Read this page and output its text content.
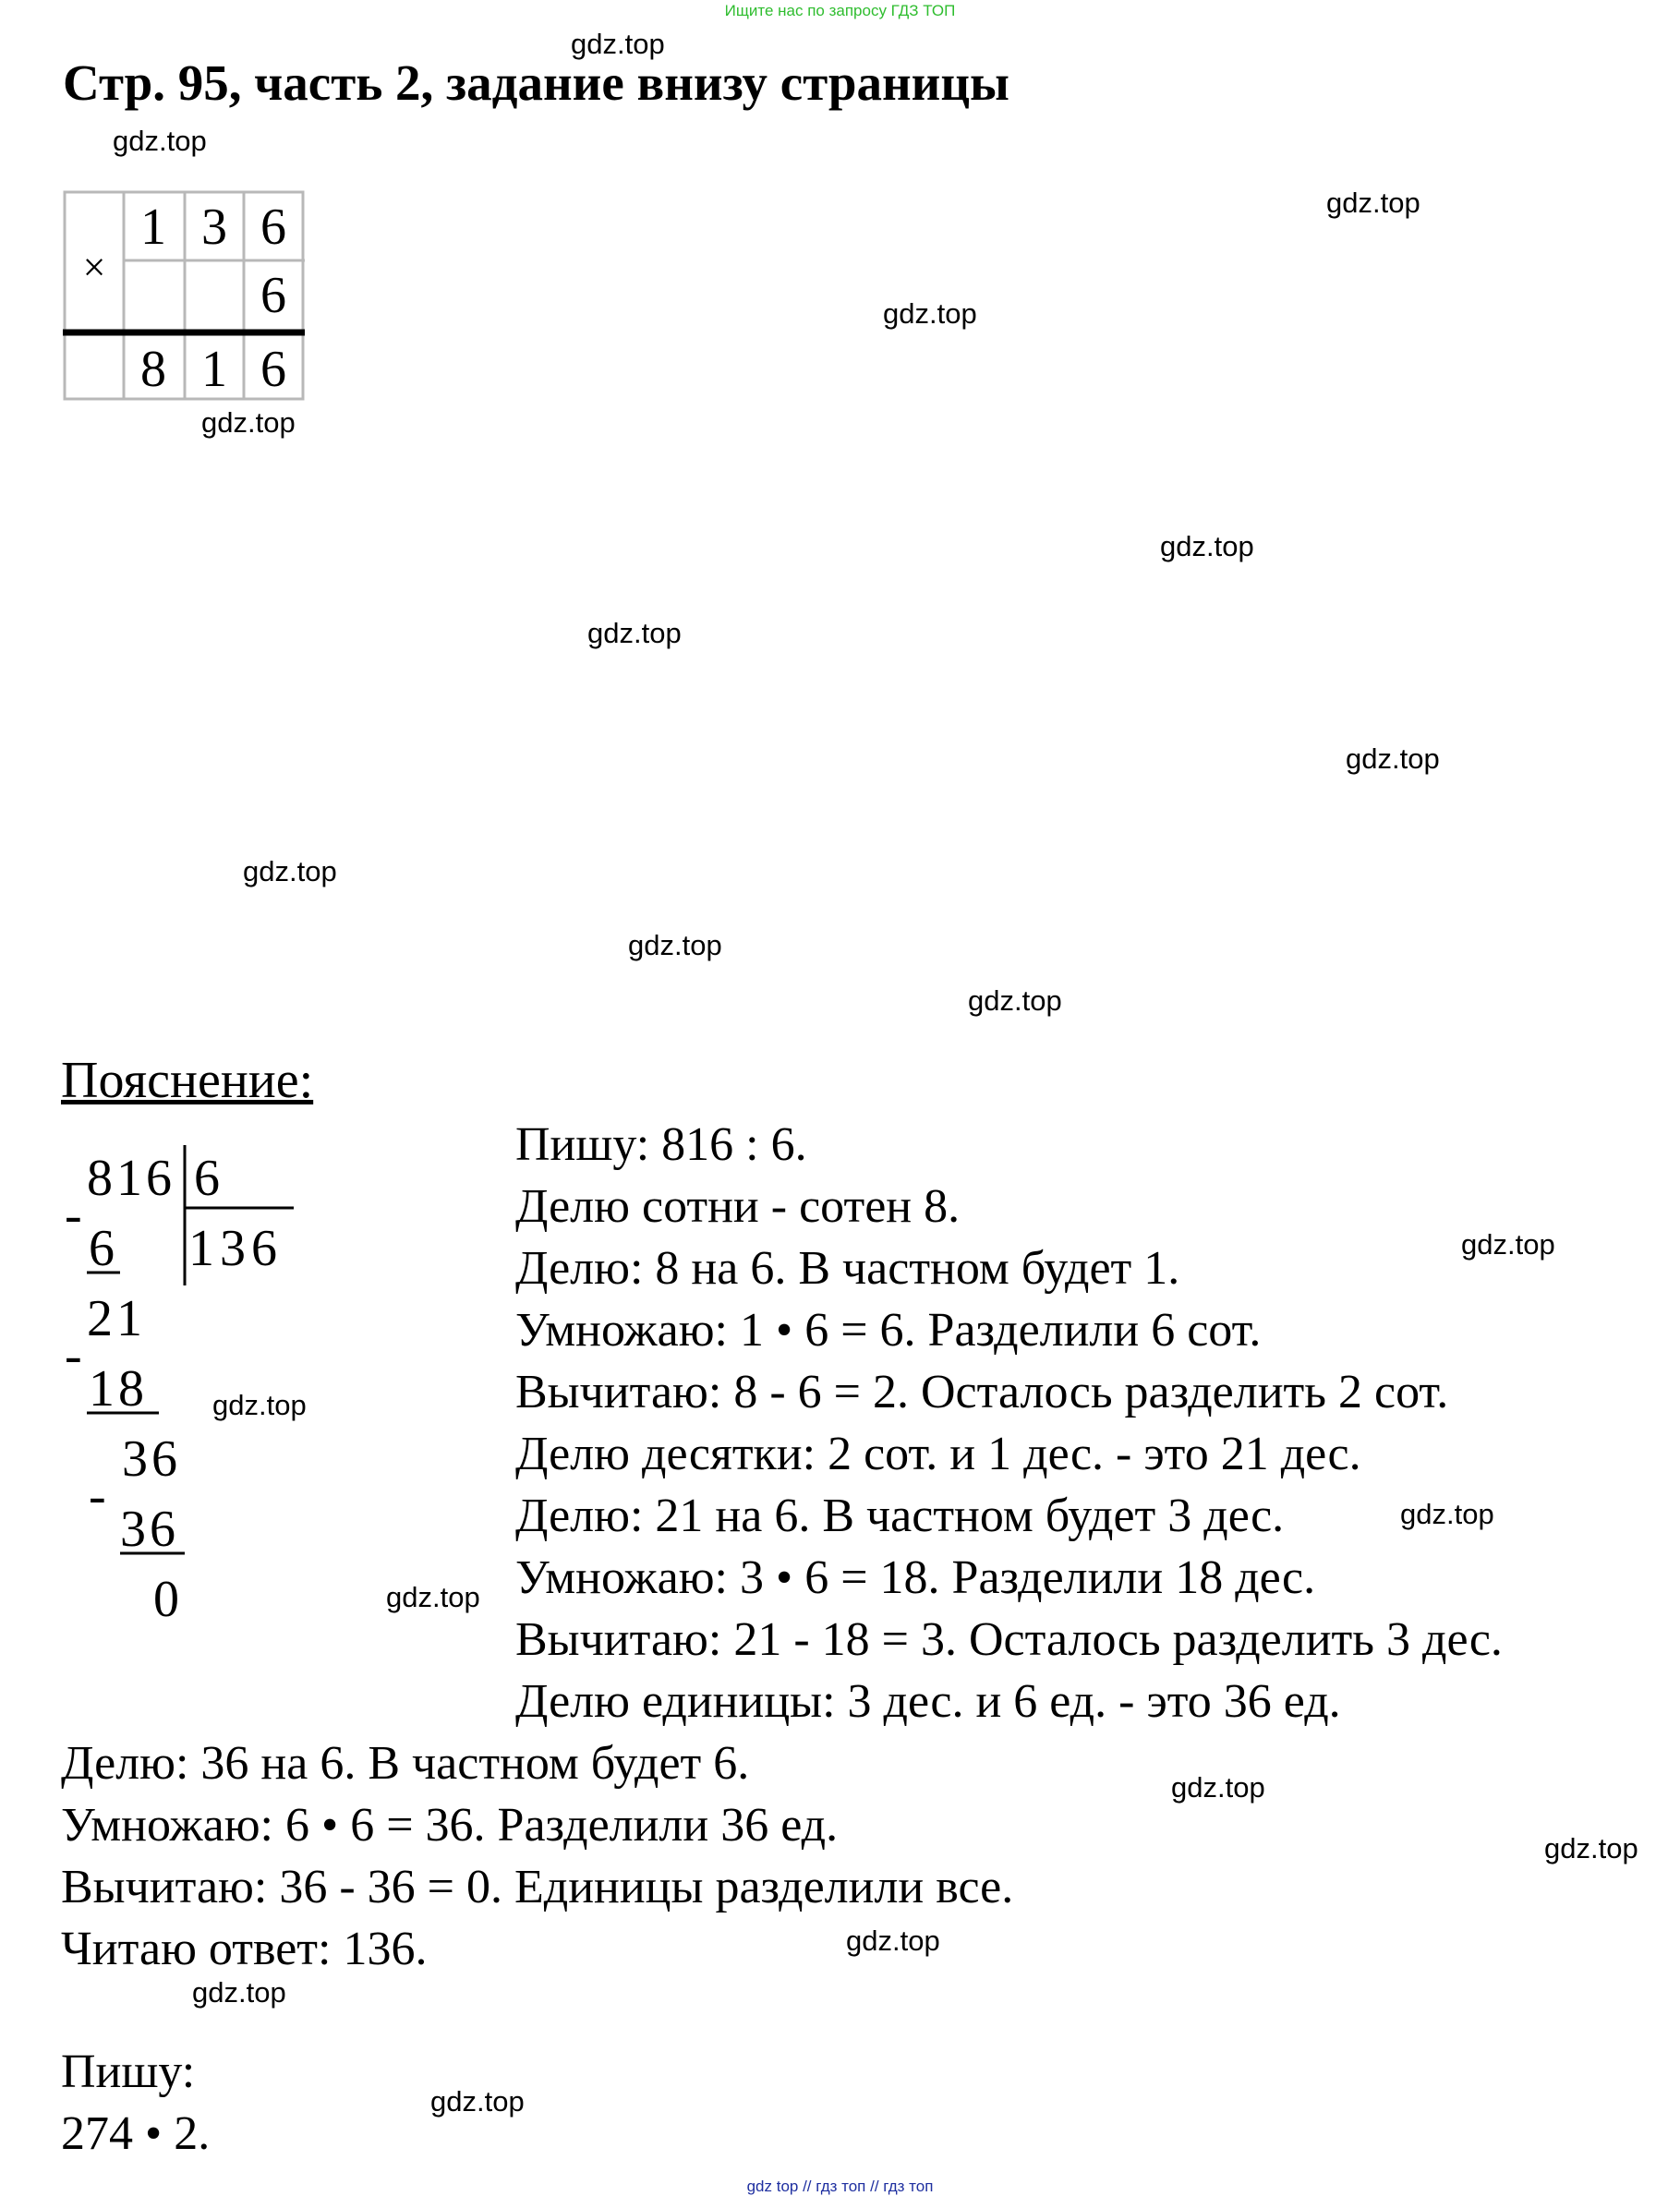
Ищите нас по запросу ГДЗ ТОП
gdz.top
gdz.top
gdz.top
gdz.top
gdz.top
gdz.top
gdz.top
gdz.top
gdz.top
gdz.top
gdz.top
gdz.top
gdz.top
gdz.top
gdz.top
gdz.top
gdz.top
gdz.top
gdz.top
gdz.top
Стр. 95, часть 2, задание внизу страницы
×
1 3 6
6
8 1 6
Пояснение:
816 6
136
-
6
21
-
18
36
-
36
0
Пишу: 816 : 6.
Делю сотни - сотен 8.
Делю: 8 на 6. В частном будет 1.
Умножаю: 1 • 6 = 6. Разделили 6 сот.
Вычитаю: 8 - 6 = 2. Осталось разделить 2 сот.
Делю десятки: 2 сот. и 1 дес. - это 21 дес.
Делю: 21 на 6. В частном будет 3 дес.
Умножаю: 3 • 6 = 18. Разделили 18 дес.
Вычитаю: 21 - 18 = 3. Осталось разделить 3 дес.
Делю единицы: 3 дес. и 6 ед. - это 36 ед.
Делю: 36 на 6. В частном будет 6.
Умножаю: 6 • 6 = 36. Разделили 36 ед.
Вычитаю: 36 - 36 = 0. Единицы разделили все.
Читаю ответ: 136.
Пишу:
274 • 2.
gdz top // гдз топ // гдз топ
